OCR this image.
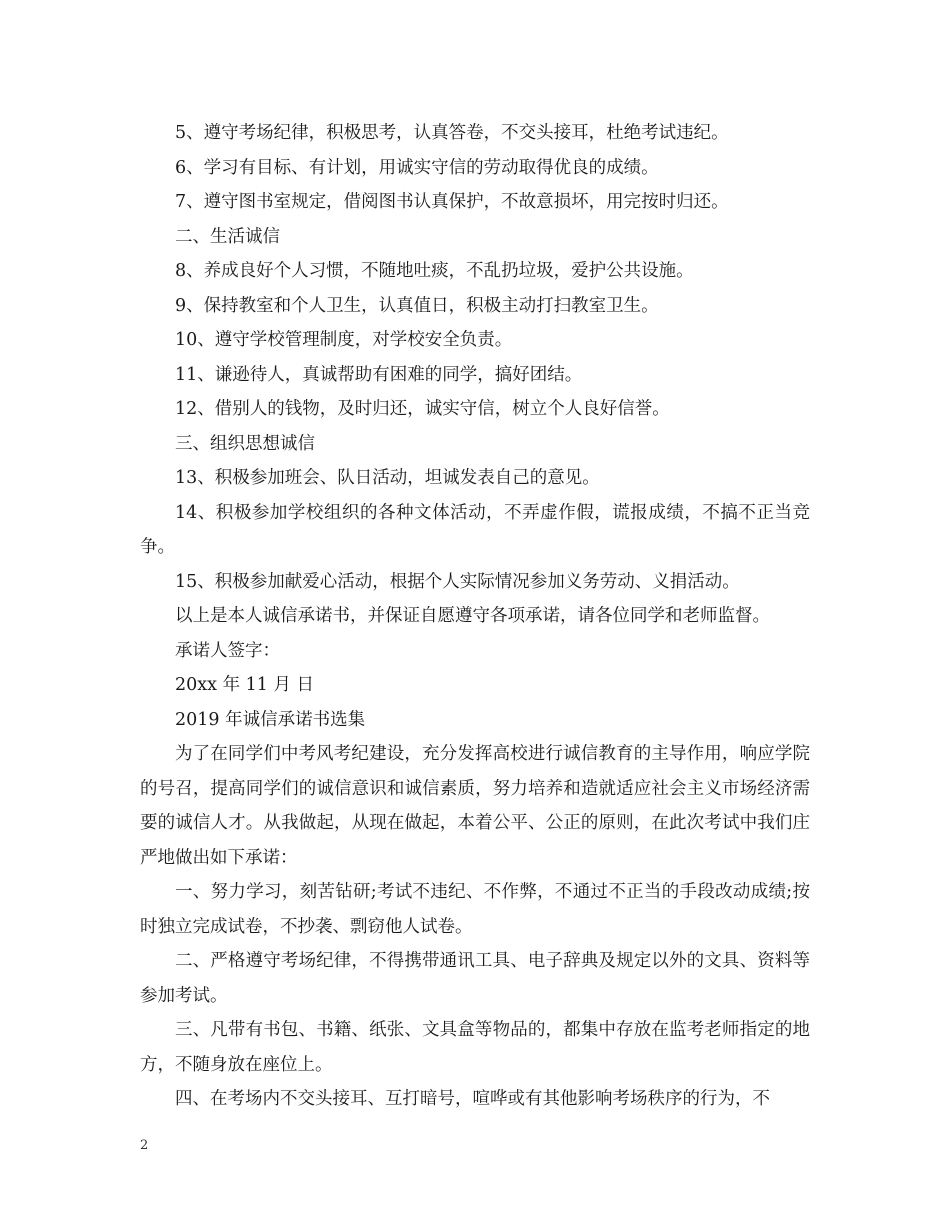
5、遵守考场纪律，积极思考，认真答卷，不交头接耳，杜绝考试违纪。

6、学习有目标、有计划，用诚实守信的劳动取得优良的成绩。

7、遵守图书室规定，借阅图书认真保护，不故意损坏，用完按时归还。

二、生活诚信

8、养成良好个人习惯，不随地吐痰，不乱扔垃圾，爱护公共设施。

9、保持教室和个人卫生，认真值日，积极主动打扫教室卫生。

10、遵守学校管理制度，对学校安全负责。

11、谦逊待人，真诚帮助有困难的同学，搞好团结。

12、借别人的钱物，及时归还，诚实守信，树立个人良好信誉。

三、组织思想诚信

13、积极参加班会、队日活动，坦诚发表自己的意见。

14、积极参加学校组织的各种文体活动，不弄虚作假，谎报成绩，不搞不正当竞争。

15、积极参加献爱心活动，根据个人实际情况参加义务劳动、义捐活动。

以上是本人诚信承诺书，并保证自愿遵守各项承诺，请各位同学和老师监督。

承诺人签字：

20xx 年 11 月 日

2019 年诚信承诺书选集

为了在同学们中考风考纪建设，充分发挥高校进行诚信教育的主导作用，响应学院的号召，提高同学们的诚信意识和诚信素质，努力培养和造就适应社会主义市场经济需要的诚信人才。从我做起，从现在做起，本着公平、公正的原则，在此次考试中我们庄严地做出如下承诺：

一、努力学习，刻苦钻研;考试不违纪、不作弊，不通过不正当的手段改动成绩;按时独立完成试卷，不抄袭、剽窃他人试卷。

二、严格遵守考场纪律，不得携带通讯工具、电子辞典及规定以外的文具、资料等参加考试。

三、凡带有书包、书籍、纸张、文具盒等物品的，都集中存放在监考老师指定的地方，不随身放在座位上。

四、在考场内不交头接耳、互打暗号，喧哗或有其他影响考场秩序的行为，不

2
